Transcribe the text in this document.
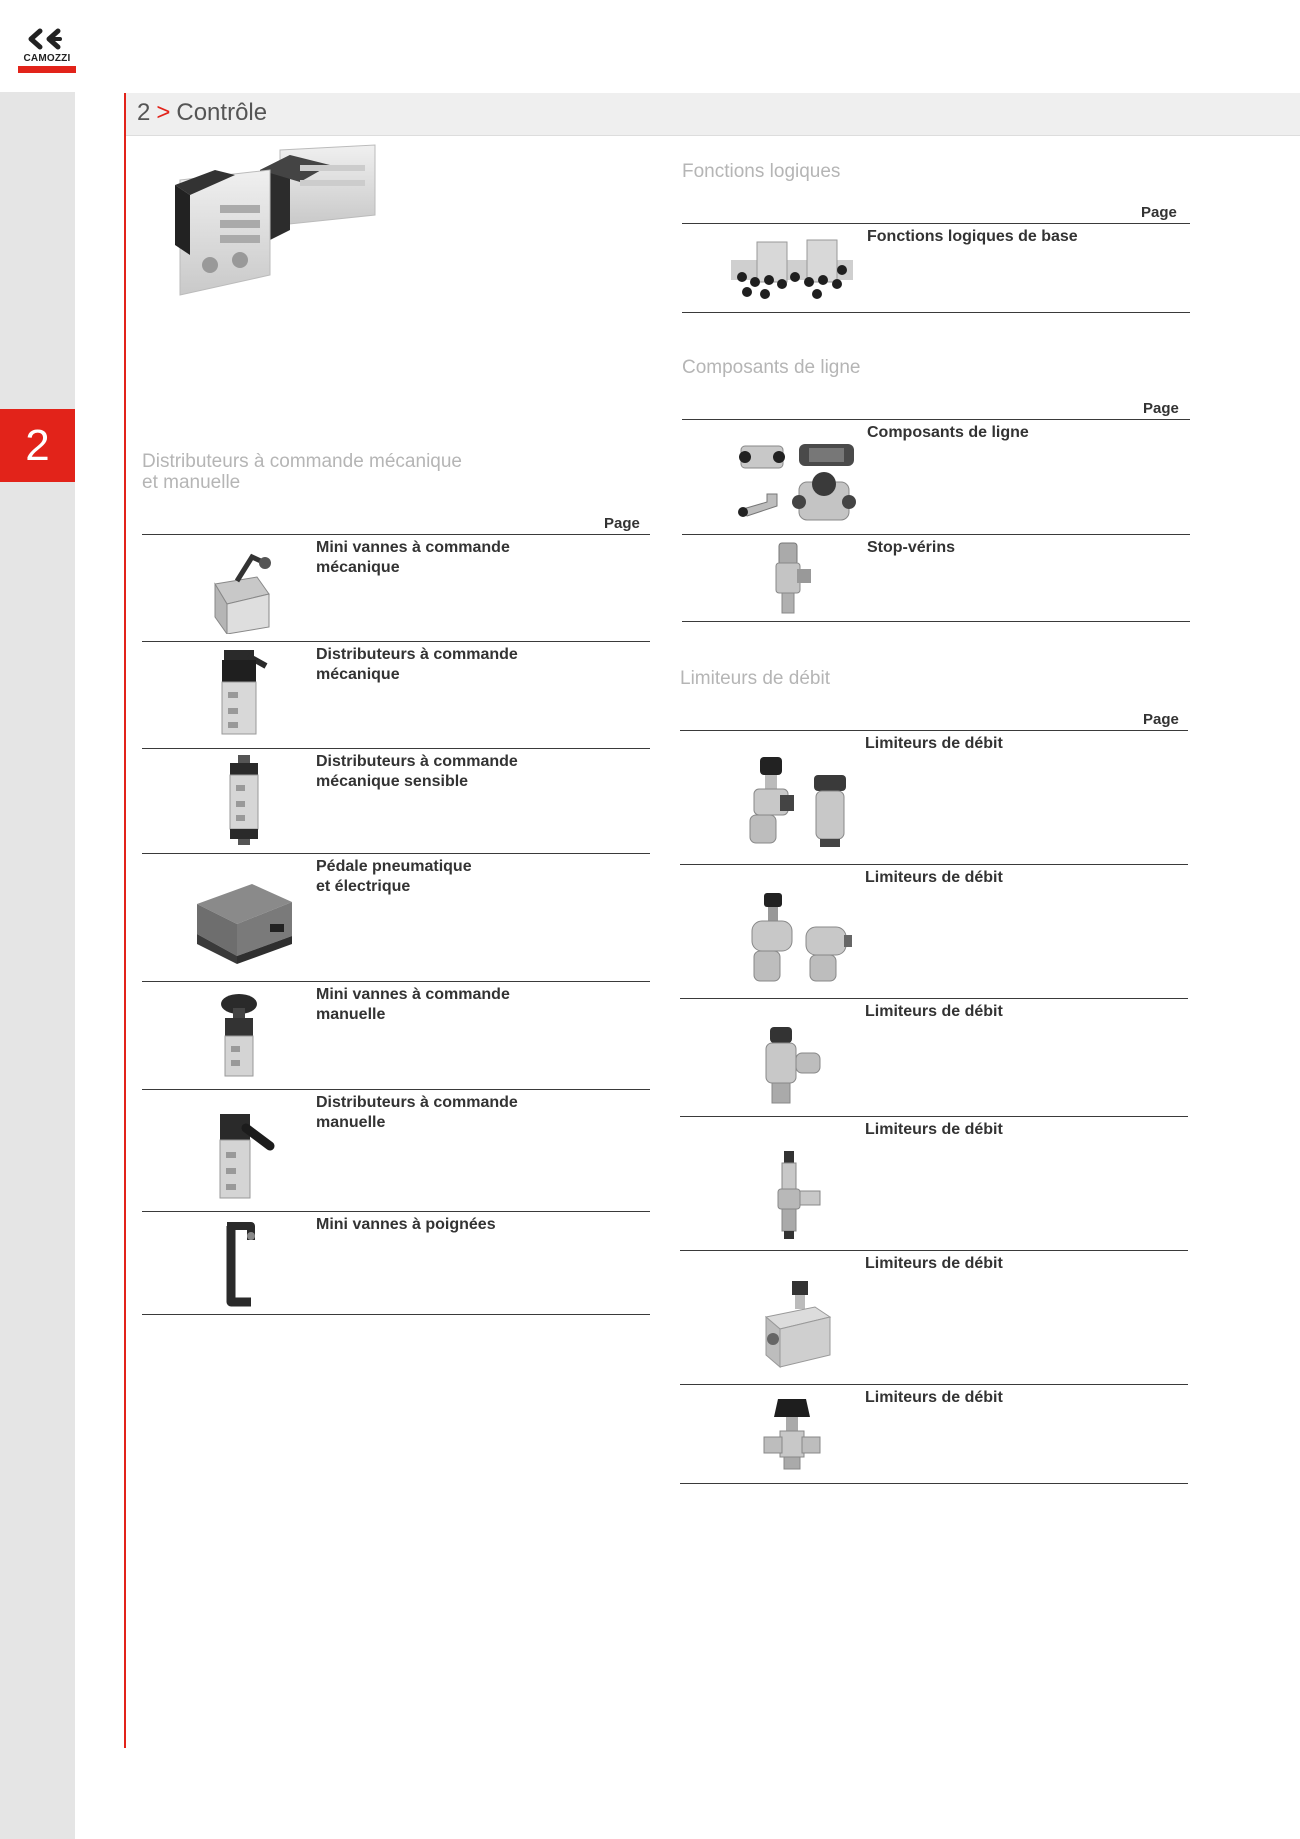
2
CAMOZZI
2 > Contrôle
Fonctions logiques
Page
Fonctions logiques de base
Composants de ligne
Page
Composants de ligne
Stop-vérins
Distributeurs à commande mécanique
et manuelle
Page
Mini vannes à commande
mécanique
Distributeurs à commande
mécanique
Distributeurs à commande
mécanique sensible
Pédale pneumatique
et électrique
Mini vannes à commande
manuelle
Distributeurs à commande
manuelle
Mini vannes à poignées
Limiteurs de débit
Page
Limiteurs de débit
Limiteurs de débit
Limiteurs de débit
Limiteurs de débit
Limiteurs de débit
Limiteurs de débit
